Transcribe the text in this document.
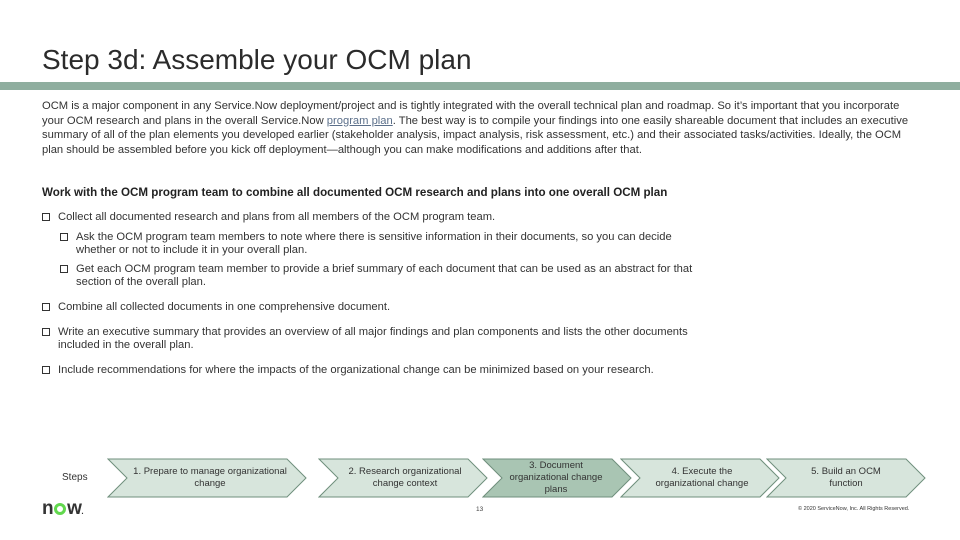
Step 3d: Assemble your OCM plan
OCM is a major component in any Service.Now deployment/project and is tightly integrated with the overall technical plan and roadmap. So it’s important that you incorporate your OCM research and plans in the overall Service.Now program plan. The best way is to compile your findings into one easily shareable document that includes an executive summary of all of the plan elements you developed earlier (stakeholder analysis, impact analysis, risk assessment, etc.) and their associated tasks/activities. Ideally, the OCM plan should be assembled before you kick off deployment—although you can make modifications and additions after that.
Work with the OCM program team to combine all documented OCM research and plans into one overall OCM plan
Collect all documented research and plans from all members of the OCM program team.
Ask the OCM program team members to note where there is sensitive information in their documents, so you can decide whether or not to include it in your overall plan.
Get each OCM program team member to provide a brief summary of each document that can be used as an abstract for that section of the overall plan.
Combine all collected documents in one comprehensive document.
Write an executive summary that provides an overview of all major findings and plan components and lists the other documents included in the overall plan.
Include recommendations for where the impacts of the organizational change can be minimized based on your research.
Steps
1. Prepare to manage organizational change
2. Research organizational change context
3. Document organizational change plans
4. Execute the organizational change
5. Build an OCM function
n w.	13	© 2020 ServiceNow, Inc. All Rights Reserved.
